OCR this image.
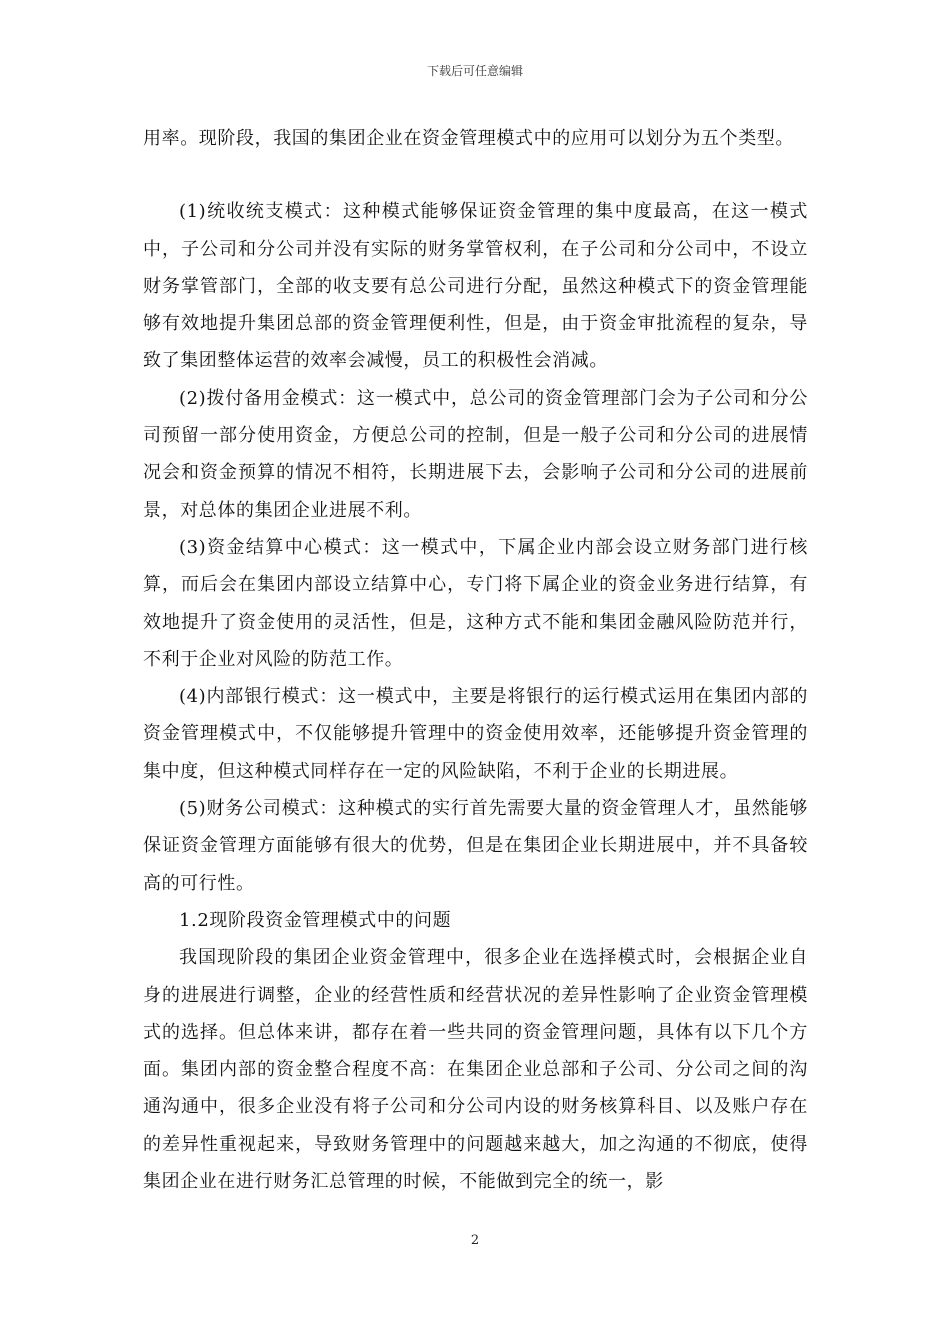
下载后可任意编辑

用率。现阶段，我国的集团企业在资金管理模式中的应用可以划分为五个类型。

(1)统收统支模式：这种模式能够保证资金管理的集中度最高，在这一模式中，子公司和分公司并没有实际的财务掌管权利，在子公司和分公司中，不设立财务掌管部门，全部的收支要有总公司进行分配，虽然这种模式下的资金管理能够有效地提升集团总部的资金管理便利性，但是，由于资金审批流程的复杂，导致了集团整体运营的效率会减慢，员工的积极性会消减。

(2)拨付备用金模式：这一模式中，总公司的资金管理部门会为子公司和分公司预留一部分使用资金，方便总公司的控制，但是一般子公司和分公司的进展情况会和资金预算的情况不相符，长期进展下去，会影响子公司和分公司的进展前景，对总体的集团企业进展不利。

(3)资金结算中心模式：这一模式中，下属企业内部会设立财务部门进行核算，而后会在集团内部设立结算中心，专门将下属企业的资金业务进行结算，有效地提升了资金使用的灵活性，但是，这种方式不能和集团金融风险防范并行，不利于企业对风险的防范工作。

(4)内部银行模式：这一模式中，主要是将银行的运行模式运用在集团内部的资金管理模式中，不仅能够提升管理中的资金使用效率，还能够提升资金管理的集中度，但这种模式同样存在一定的风险缺陷，不利于企业的长期进展。

(5)财务公司模式：这种模式的实行首先需要大量的资金管理人才，虽然能够保证资金管理方面能够有很大的优势，但是在集团企业长期进展中，并不具备较高的可行性。

1.2现阶段资金管理模式中的问题

我国现阶段的集团企业资金管理中，很多企业在选择模式时，会根据企业自身的进展进行调整，企业的经营性质和经营状况的差异性影响了企业资金管理模式的选择。但总体来讲，都存在着一些共同的资金管理问题，具体有以下几个方面。集团内部的资金整合程度不高：在集团企业总部和子公司、分公司之间的沟通沟通中，很多企业没有将子公司和分公司内设的财务核算科目、以及账户存在的差异性重视起来，导致财务管理中的问题越来越大，加之沟通的不彻底，使得集团企业在进行财务汇总管理的时候，不能做到完全的统一，影

2
